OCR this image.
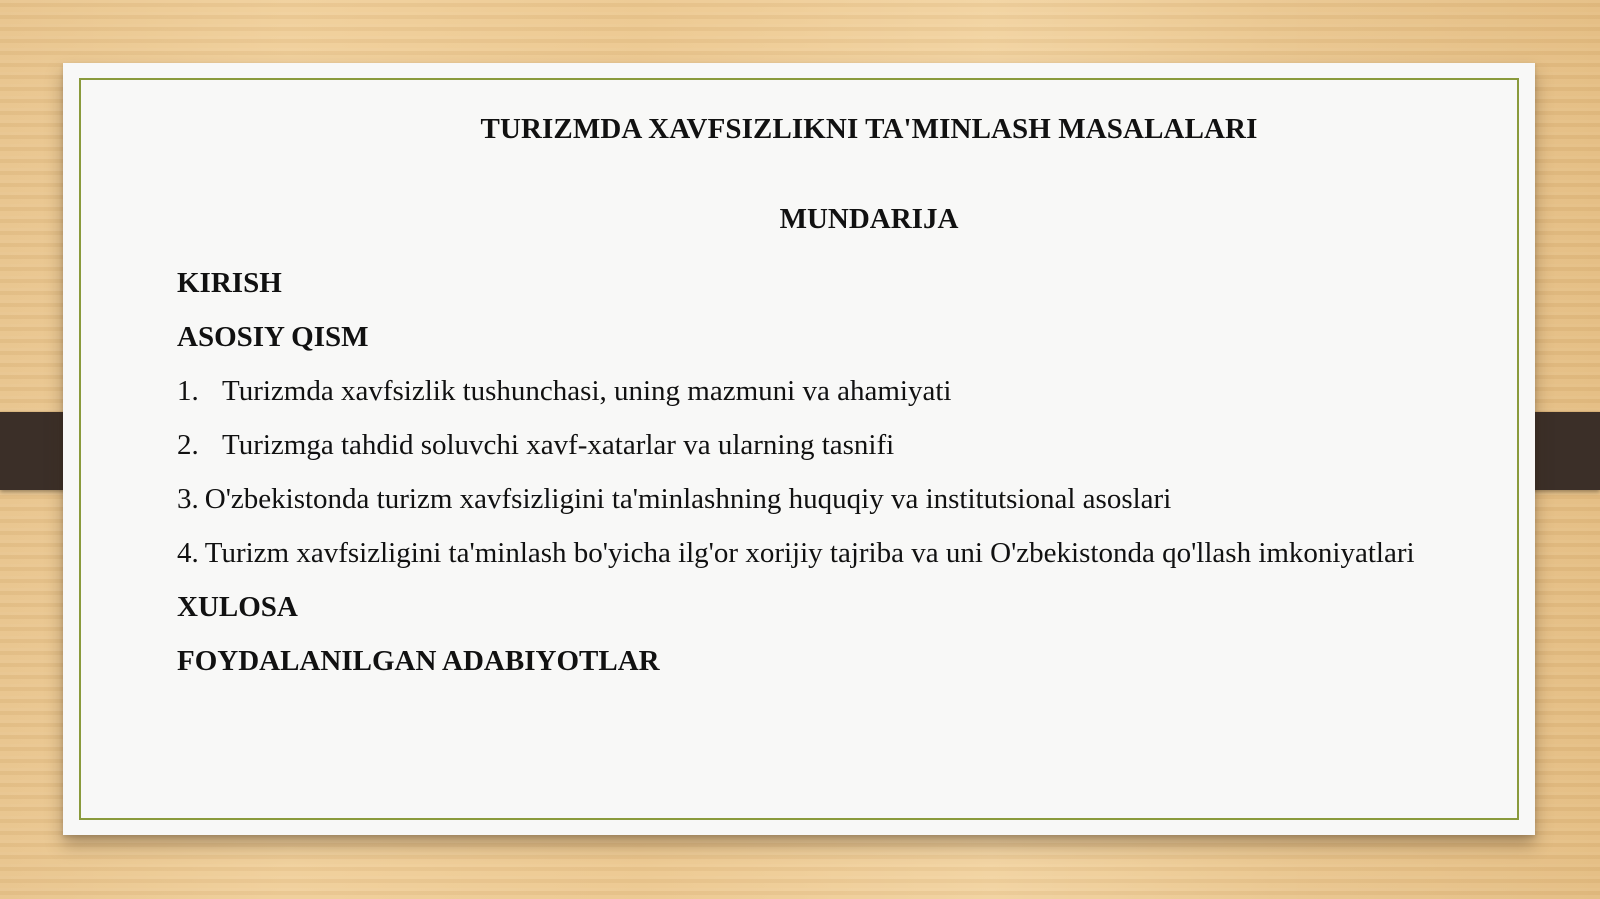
TURIZMDA XAVFSIZLIKNI TA'MINLASH MASALALARI
MUNDARIJA
KIRISH
ASOSIY QISM
1. Turizmda xavfsizlik tushunchasi, uning mazmuni va ahamiyati
2. Turizmga tahdid soluvchi xavf-xatarlar va ularning tasnifi
3. O'zbekistonda turizm xavfsizligini ta'minlashning huquqiy va institutsional asoslari
4. Turizm xavfsizligini ta'minlash bo'yicha ilg'or xorijiy tajriba va uni O'zbekistonda qo'llash imkoniyatlari
XULOSA
FOYDALANILGAN ADABIYOTLAR
